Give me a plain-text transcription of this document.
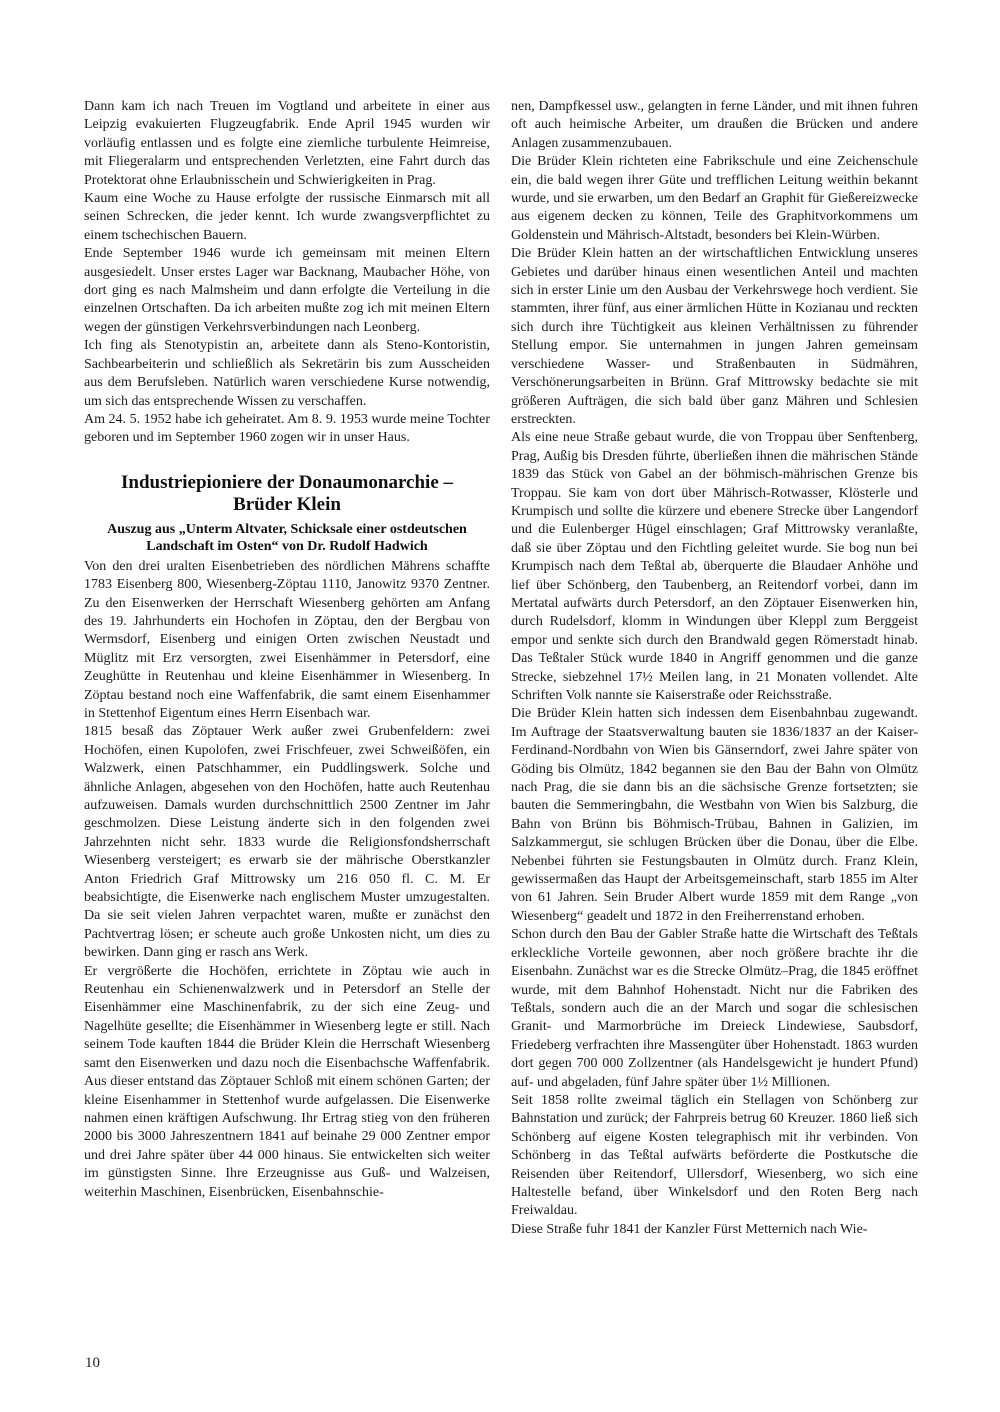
Dann kam ich nach Treuen im Vogtland und arbeitete in einer aus Leipzig evakuierten Flugzeugfabrik. Ende April 1945 wurden wir vorläufig entlassen und es folgte eine ziemliche turbulente Heimreise, mit Fliegeralarm und entsprechenden Verletzten, eine Fahrt durch das Protektorat ohne Erlaubnisschein und Schwierigkeiten in Prag.

Kaum eine Woche zu Hause erfolgte der russische Einmarsch mit all seinen Schrecken, die jeder kennt. Ich wurde zwangsverpflichtet zu einem tschechischen Bauern.

Ende September 1946 wurde ich gemeinsam mit meinen Eltern ausgesiedelt. Unser erstes Lager war Backnang, Maubacher Höhe, von dort ging es nach Malmsheim und dann erfolgte die Verteilung in die einzelnen Ortschaften. Da ich arbeiten mußte zog ich mit meinen Eltern wegen der günstigen Verkehrsverbindungen nach Leonberg.

Ich fing als Stenotypistin an, arbeitete dann als Steno-Kontoristin, Sachbearbeiterin und schließlich als Sekretärin bis zum Ausscheiden aus dem Berufsleben. Natürlich waren verschiedene Kurse notwendig, um sich das entsprechende Wissen zu verschaffen.

Am 24. 5. 1952 habe ich geheiratet. Am 8. 9. 1953 wurde meine Tochter geboren und im September 1960 zogen wir in unser Haus.

Industriepioniere der Donaumonarchie –
Brüder Klein
Auszug aus „Unterm Altvater, Schicksale einer ostdeutschen Landschaft im Osten“ von Dr. Rudolf Hadwich

Von den drei uralten Eisenbetrieben des nördlichen Mährens schaffte 1783 Eisenberg 800, Wiesenberg-Zöptau 1110, Janowitz 9370 Zentner. Zu den Eisenwerken der Herrschaft Wiesenberg gehörten am Anfang des 19. Jahrhunderts ein Hochofen in Zöptau, den der Bergbau von Wermsdorf, Eisenberg und einigen Orten zwischen Neustadt und Müglitz mit Erz versorgten, zwei Eisenhämmer in Petersdorf, eine Zeughütte in Reutenhau und kleine Eisenhämmer in Wiesenberg. In Zöptau bestand noch eine Waffenfabrik, die samt einem Eisenhammer in Stettenhof Eigentum eines Herrn Eisenbach war.

1815 besaß das Zöptauer Werk außer zwei Grubenfeldern: zwei Hochöfen, einen Kupolofen, zwei Frischfeuer, zwei Schweißöfen, ein Walzwerk, einen Patschhammer, ein Puddlingswerk. Solche und ähnliche Anlagen, abgesehen von den Hochöfen, hatte auch Reutenhau aufzuweisen. Damals wurden durchschnittlich 2500 Zentner im Jahr geschmolzen. Diese Leistung änderte sich in den folgenden zwei Jahrzehnten nicht sehr. 1833 wurde die Religionsfondsherrschaft Wiesenberg versteigert; es erwarb sie der mährische Oberstkanzler Anton Friedrich Graf Mittrowsky um 216 050 fl. C. M. Er beabsichtigte, die Eisenwerke nach englischem Muster umzugestalten. Da sie seit vielen Jahren verpachtet waren, mußte er zunächst den Pachtvertrag lösen; er scheute auch große Unkosten nicht, um dies zu bewirken. Dann ging er rasch ans Werk.

Er vergrößerte die Hochöfen, errichtete in Zöptau wie auch in Reutenhau ein Schienenwalzwerk und in Petersdorf an Stelle der Eisenhämmer eine Maschinenfabrik, zu der sich eine Zeug- und Nagelhüte gesellte; die Eisenhämmer in Wiesenberg legte er still. Nach seinem Tode kauften 1844 die Brüder Klein die Herrschaft Wiesenberg samt den Eisenwerken und dazu noch die Eisenbachsche Waffenfabrik. Aus dieser entstand das Zöptauer Schloß mit einem schönen Garten; der kleine Eisenhammer in Stettenhof wurde aufgelassen. Die Eisenwerke nahmen einen kräftigen Aufschwung. Ihr Ertrag stieg von den früheren 2000 bis 3000 Jahreszentnern 1841 auf beinahe 29 000 Zentner empor und drei Jahre später über 44 000 hinaus. Sie entwickelten sich weiter im günstigsten Sinne. Ihre Erzeugnisse aus Guß- und Walzeisen, weiterhin Maschinen, Eisenbrücken, Eisenbahnschie-

nen, Dampfkessel usw., gelangten in ferne Länder, und mit ihnen fuhren oft auch heimische Arbeiter, um draußen die Brücken und andere Anlagen zusammenzubauen.

Die Brüder Klein richteten eine Fabrikschule und eine Zeichenschule ein, die bald wegen ihrer Güte und trefflichen Leitung weithin bekannt wurde, und sie erwarben, um den Bedarf an Graphit für Gießereizwecke aus eigenem decken zu können, Teile des Graphitvorkommens um Goldenstein und Mährisch-Altstadt, besonders bei Klein-Würben.

Die Brüder Klein hatten an der wirtschaftlichen Entwicklung unseres Gebietes und darüber hinaus einen wesentlichen Anteil und machten sich in erster Linie um den Ausbau der Verkehrswege hoch verdient. Sie stammten, ihrer fünf, aus einer ärmlichen Hütte in Kozianau und reckten sich durch ihre Tüchtigkeit aus kleinen Verhältnissen zu führender Stellung empor. Sie unternahmen in jungen Jahren gemeinsam verschiedene Wasser- und Straßenbauten in Südmähren, Verschönerungsarbeiten in Brünn. Graf Mittrowsky bedachte sie mit größeren Aufträgen, die sich bald über ganz Mähren und Schlesien erstreckten.

Als eine neue Straße gebaut wurde, die von Troppau über Senftenberg, Prag, Außig bis Dresden führte, überließen ihnen die mährischen Stände 1839 das Stück von Gabel an der böhmisch-mährischen Grenze bis Troppau. Sie kam von dort über Mährisch-Rotwasser, Klösterle und Krumpisch und sollte die kürzere und ebenere Strecke über Langendorf und die Eulenberger Hügel einschlagen; Graf Mittrowsky veranlaßte, daß sie über Zöptau und den Fichtling geleitet wurde. Sie bog nun bei Krumpisch nach dem Teßtal ab, überquerte die Blaudaer Anhöhe und lief über Schönberg, den Taubenberg, an Reitendorf vorbei, dann im Mertatal aufwärts durch Petersdorf, an den Zöptauer Eisenwerken hin, durch Rudelsdorf, klomm in Windungen über Kleppl zum Berggeist empor und senkte sich durch den Brandwald gegen Römerstadt hinab. Das Teßtaler Stück wurde 1840 in Angriff genommen und die ganze Strecke, siebzehnel 17½ Meilen lang, in 21 Monaten vollendet. Alte Schriften Volk nannte sie Kaiserstraße oder Reichsstraße.

Die Brüder Klein hatten sich indessen dem Eisenbahnbau zugewandt. Im Auftrage der Staatsverwaltung bauten sie 1836/1837 an der Kaiser-Ferdinand-Nordbahn von Wien bis Gänserndorf, zwei Jahre später von Göding bis Olmütz, 1842 begannen sie den Bau der Bahn von Olmütz nach Prag, die sie dann bis an die sächsische Grenze fortsetzten; sie bauten die Semmeringbahn, die Westbahn von Wien bis Salzburg, die Bahn von Brünn bis Böhmisch-Trübau, Bahnen in Galizien, im Salzkammergut, sie schlugen Brücken über die Donau, über die Elbe. Nebenbei führten sie Festungsbauten in Olmütz durch. Franz Klein, gewissermaßen das Haupt der Arbeitsgemeinschaft, starb 1855 im Alter von 61 Jahren. Sein Bruder Albert wurde 1859 mit dem Range „von Wiesenberg“ geadelt und 1872 in den Freiherrenstand erhoben.

Schon durch den Bau der Gabler Straße hatte die Wirtschaft des Teßtals erkleckliche Vorteile gewonnen, aber noch größere brachte ihr die Eisenbahn. Zunächst war es die Strecke Olmütz–Prag, die 1845 eröffnet wurde, mit dem Bahnhof Hohenstadt. Nicht nur die Fabriken des Teßtals, sondern auch die an der March und sogar die schlesischen Granit- und Marmorbrüche im Dreieck Lindewiese, Saubsdorf, Friedeberg verfrachten ihre Massengüter über Hohenstadt. 1863 wurden dort gegen 700 000 Zollzentner (als Handelsgewicht je hundert Pfund) auf- und abgeladen, fünf Jahre später über 1½ Millionen.

Seit 1858 rollte zweimal täglich ein Stellagen von Schönberg zur Bahnstation und zurück; der Fahrpreis betrug 60 Kreuzer. 1860 ließ sich Schönberg auf eigene Kosten telegraphisch mit ihr verbinden. Von Schönberg in das Teßtal aufwärts beförderte die Postkutsche die Reisenden über Reitendorf, Ullersdorf, Wiesenberg, wo sich eine Haltestelle befand, über Winkelsdorf und den Roten Berg nach Freiwaldau.

Diese Straße fuhr 1841 der Kanzler Fürst Metternich nach Wie-

10
